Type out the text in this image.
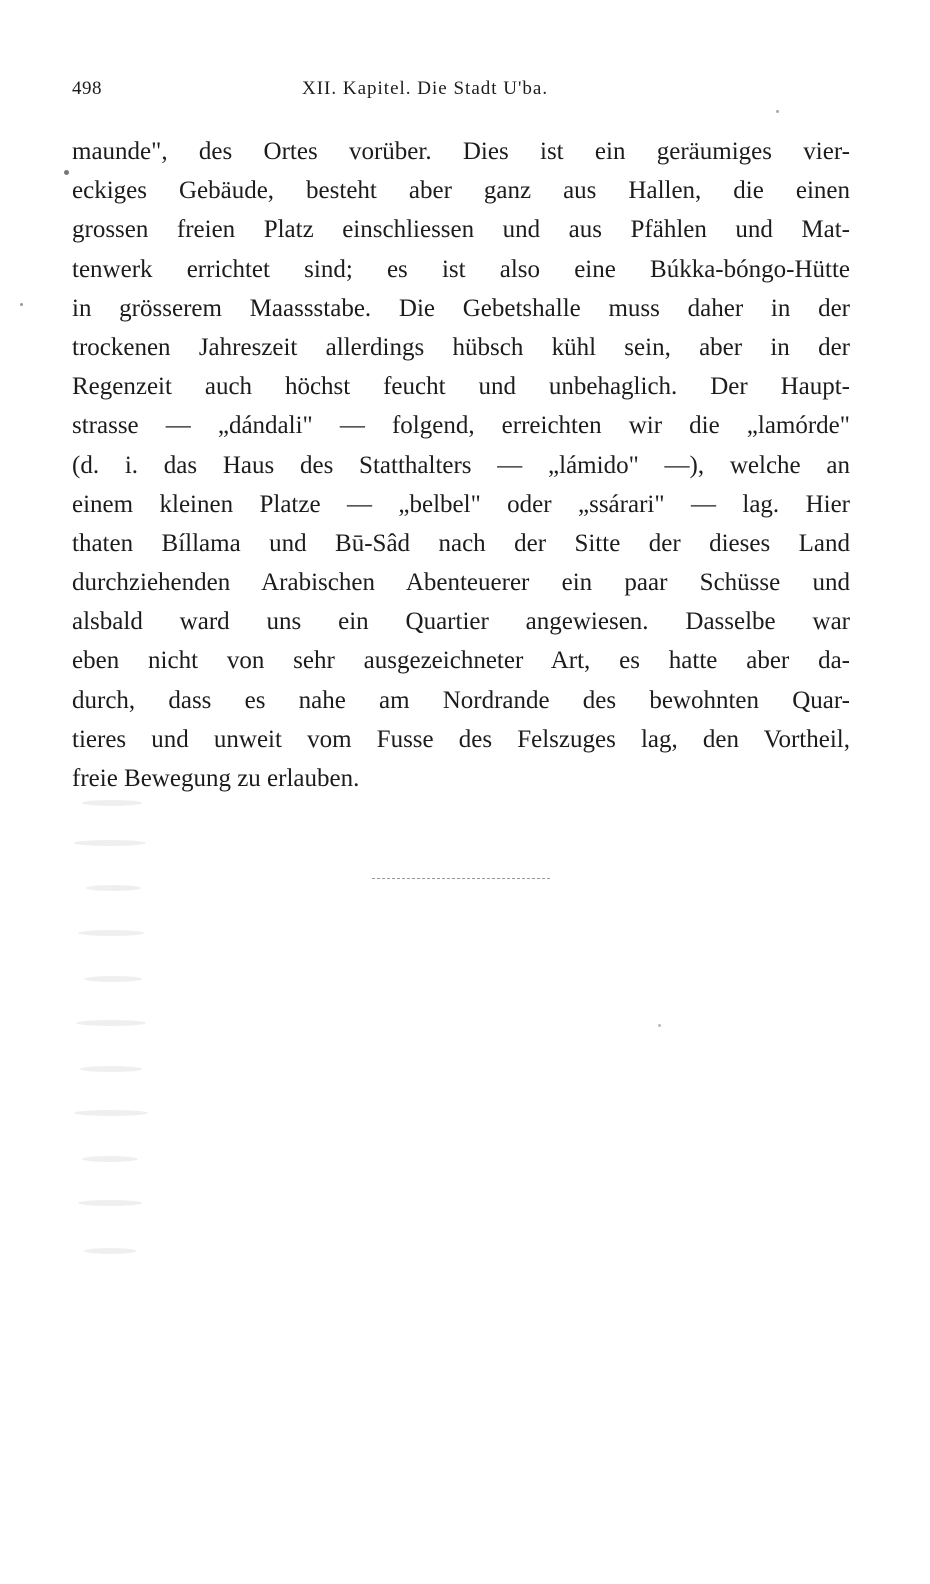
498	XII. Kapitel. Die Stadt U'ba.
maunde", des Ortes vorüber. Dies ist ein geräumiges vier-
eckiges Gebäude, besteht aber ganz aus Hallen, die einen
grossen freien Platz einschliessen und aus Pfählen und Mat-
tenwerk errichtet sind; es ist also eine Búkka-bóngo-Hütte
in grösserem Maassstabe. Die Gebetshalle muss daher in der
trockenen Jahreszeit allerdings hübsch kühl sein, aber in der
Regenzeit auch höchst feucht und unbehaglich. Der Haupt-
strasse — „dándali" — folgend, erreichten wir die „lamórde"
(d. i. das Haus des Statthalters — „lámido" —), welche an
einem kleinen Platze — „belbel" oder „ssárari" — lag. Hier
thaten Bíllama und Bū-Sâd nach der Sitte der dieses Land
durchziehenden Arabischen Abenteuerer ein paar Schüsse und
alsbald ward uns ein Quartier angewiesen. Dasselbe war
eben nicht von sehr ausgezeichneter Art, es hatte aber da-
durch, dass es nahe am Nordrande des bewohnten Quar-
tieres und unweit vom Fusse des Felszuges lag, den Vortheil,
freie Bewegung zu erlauben.
